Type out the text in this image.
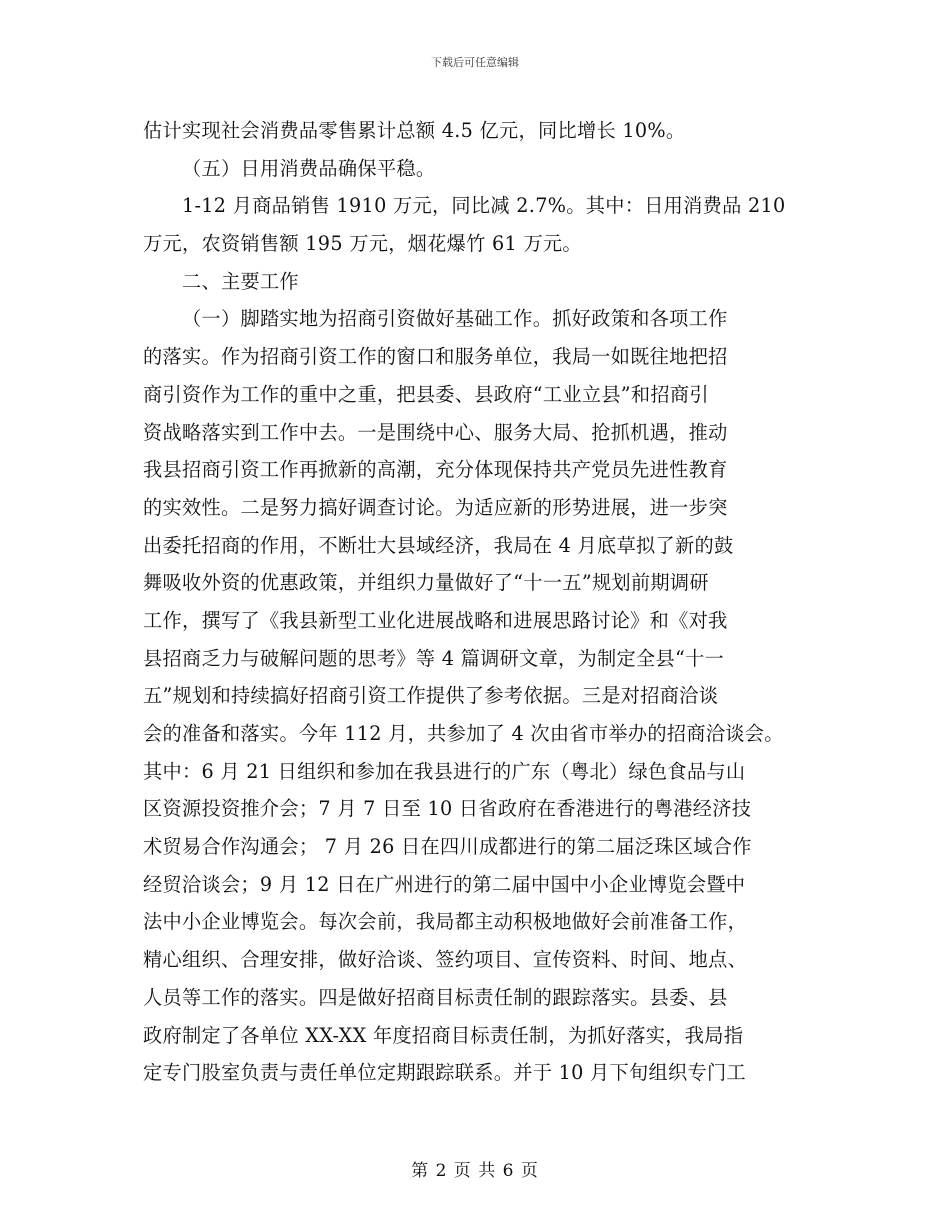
下载后可任意编辑
估计实现社会消费品零售累计总额 4.5 亿元，同比增长 10%。
（五）日用消费品确保平稳。
1-12 月商品销售 1910 万元，同比减 2.7%。其中：日用消费品 210
万元，农资销售额 195 万元，烟花爆竹 61 万元。
二、主要工作
（一）脚踏实地为招商引资做好基础工作。抓好政策和各项工作
的落实。作为招商引资工作的窗口和服务单位，我局一如既往地把招
商引资作为工作的重中之重，把县委、县政府“工业立县”和招商引
资战略落实到工作中去。一是围绕中心、服务大局、抢抓机遇，推动
我县招商引资工作再掀新的高潮，充分体现保持共产党员先进性教育
的实效性。二是努力搞好调查讨论。为适应新的形势进展，进一步突
出委托招商的作用，不断壮大县域经济，我局在 4 月底草拟了新的鼓
舞吸收外资的优惠政策，并组织力量做好了“十一五”规划前期调研
工作，撰写了《我县新型工业化进展战略和进展思路讨论》和《对我
县招商乏力与破解问题的思考》等 4 篇调研文章，为制定全县“十一
五”规划和持续搞好招商引资工作提供了参考依据。三是对招商洽谈
会的准备和落实。今年 112 月，共参加了 4 次由省市举办的招商洽谈会。
其中：6 月 21 日组织和参加在我县进行的广东（粤北）绿色食品与山
区资源投资推介会；7 月 7 日至 10 日省政府在香港进行的粤港经济技
术贸易合作沟通会； 7 月 26 日在四川成都进行的第二届泛珠区域合作
经贸洽谈会；9 月 12 日在广州进行的第二届中国中小企业博览会暨中
法中小企业博览会。每次会前，我局都主动积极地做好会前准备工作，
精心组织、合理安排，做好洽谈、签约项目、宣传资料、时间、地点、
人员等工作的落实。四是做好招商目标责任制的跟踪落实。县委、县
政府制定了各单位 XX-XX 年度招商目标责任制，为抓好落实，我局指
定专门股室负责与责任单位定期跟踪联系。并于 10 月下旬组织专门工
第 2 页 共 6 页
